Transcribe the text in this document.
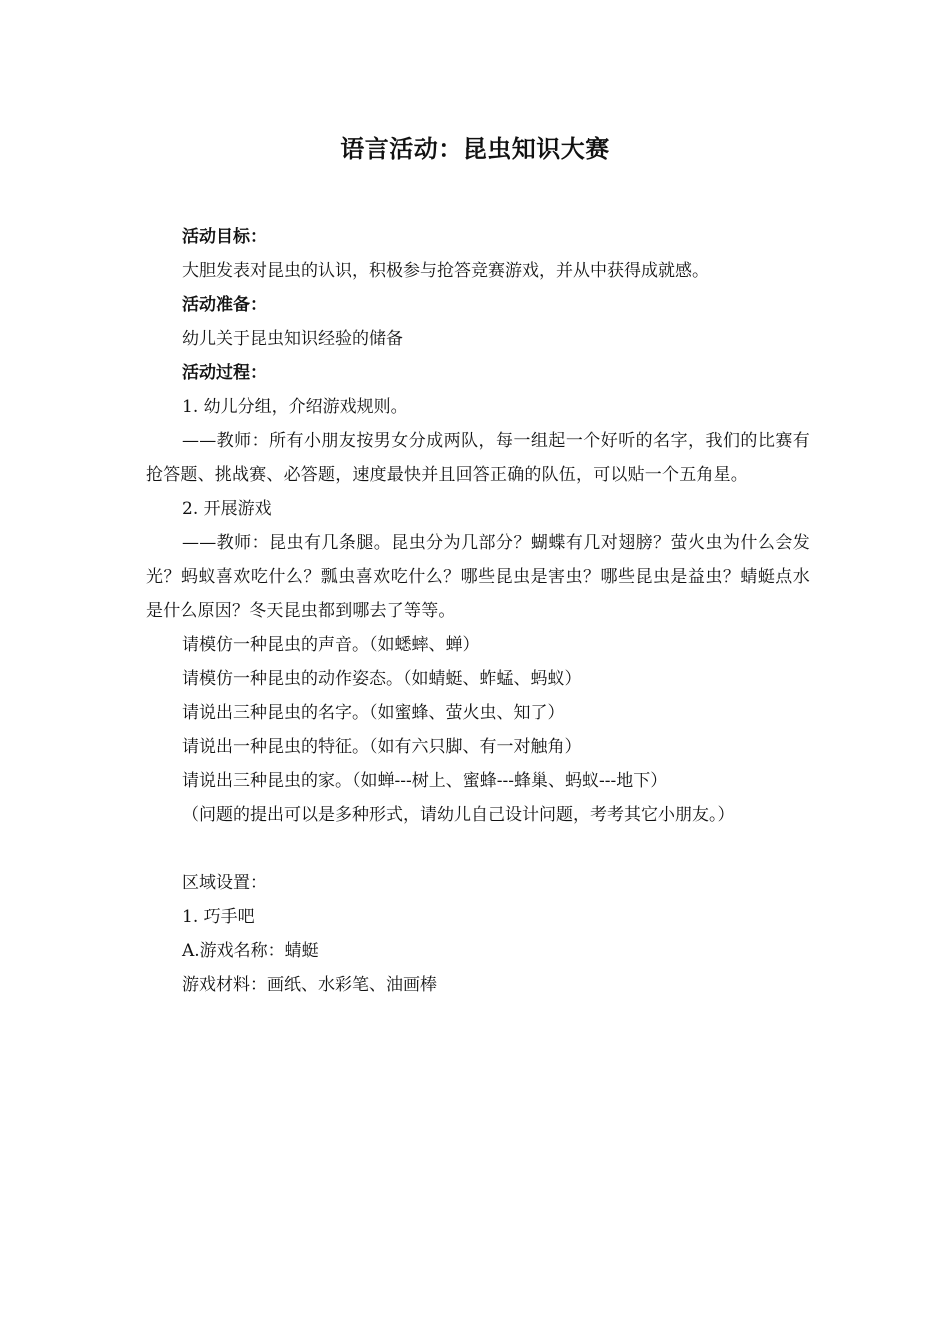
语言活动：昆虫知识大赛

活动目标：

大胆发表对昆虫的认识，积极参与抢答竞赛游戏，并从中获得成就感。

活动准备：

幼儿关于昆虫知识经验的储备

活动过程：

1. 幼儿分组，介绍游戏规则。

——教师：所有小朋友按男女分成两队，每一组起一个好听的名字，我们的比赛有抢答题、挑战赛、必答题，速度最快并且回答正确的队伍，可以贴一个五角星。

2. 开展游戏

——教师：昆虫有几条腿。昆虫分为几部分？蝴蝶有几对翅膀？萤火虫为什么会发光？蚂蚁喜欢吃什么？瓢虫喜欢吃什么？哪些昆虫是害虫？哪些昆虫是益虫？蜻蜓点水是什么原因？冬天昆虫都到哪去了等等。

请模仿一种昆虫的声音。（如蟋蟀、蝉）

请模仿一种昆虫的动作姿态。（如蜻蜓、蚱蜢、蚂蚁）

请说出三种昆虫的名字。（如蜜蜂、萤火虫、知了）

请说出一种昆虫的特征。（如有六只脚、有一对触角）

请说出三种昆虫的家。（如蝉---树上、蜜蜂---蜂巢、蚂蚁---地下）

（问题的提出可以是多种形式，请幼儿自己设计问题，考考其它小朋友。）

区域设置：

1. 巧手吧

A.游戏名称：蜻蜓

游戏材料：画纸、水彩笔、油画棒
